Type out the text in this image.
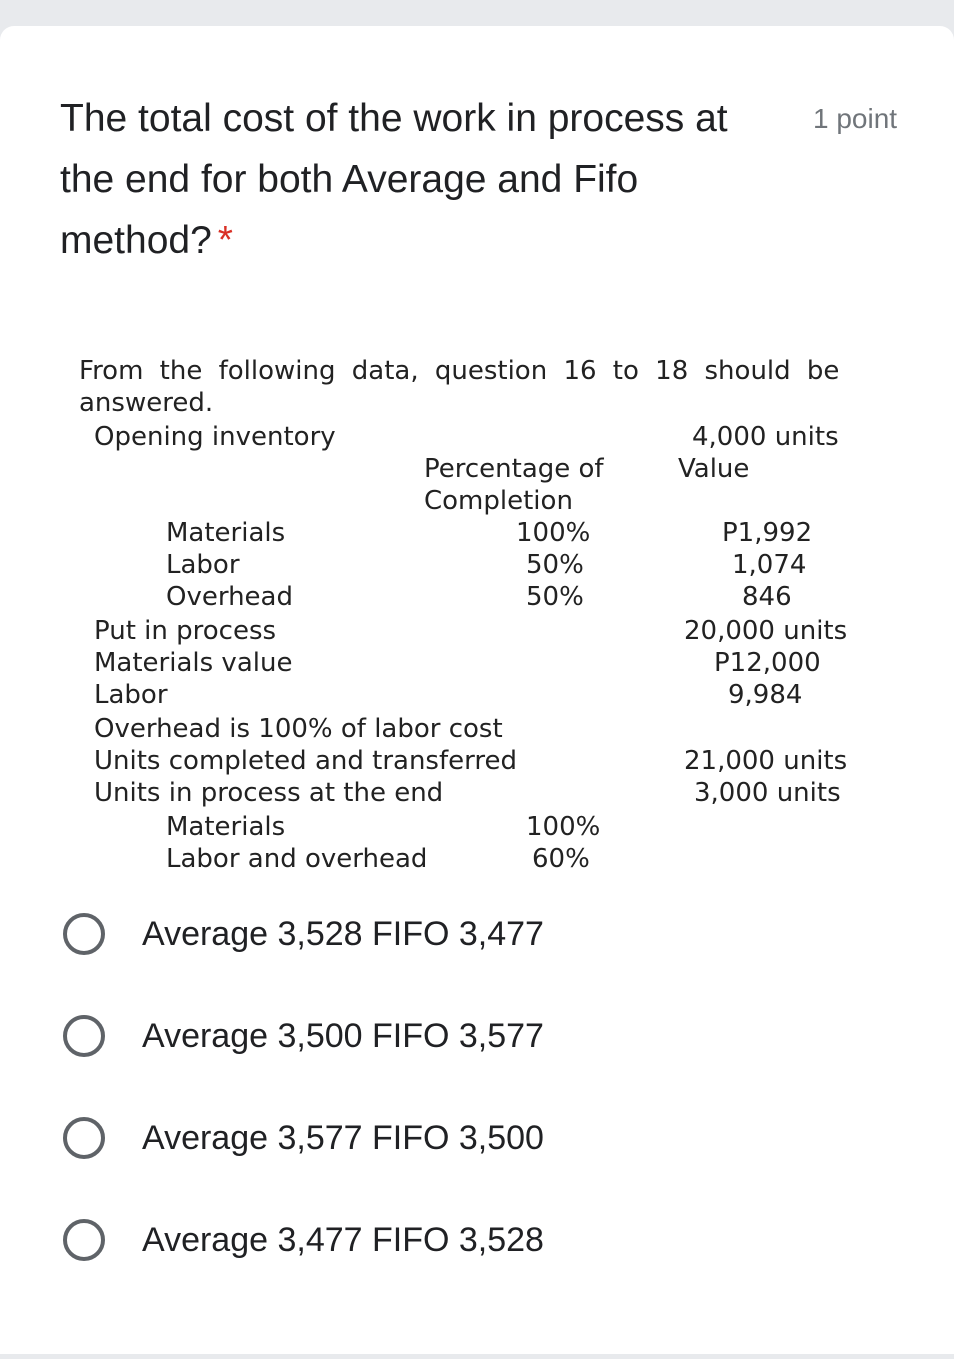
The total cost of the work in process at the end for both Average and Fifo method? *
1 point
From the following data, question 16 to 18 should be
answered.
Opening inventory	4,000 units
Percentage of
Completion
Value
Materials	100%	P1,992
Labor	50%	1,074
Overhead	50%	846
Put in process	20,000 units
Materials value	P12,000
Labor	9,984
Overhead is 100% of labor cost
Units completed and transferred	21,000 units
Units in process at the end	3,000 units
Materials	100%
Labor and overhead	60%
Average 3,528 FIFO 3,477
Average 3,500 FIFO 3,577
Average 3,577 FIFO 3,500
Average 3,477 FIFO 3,528
